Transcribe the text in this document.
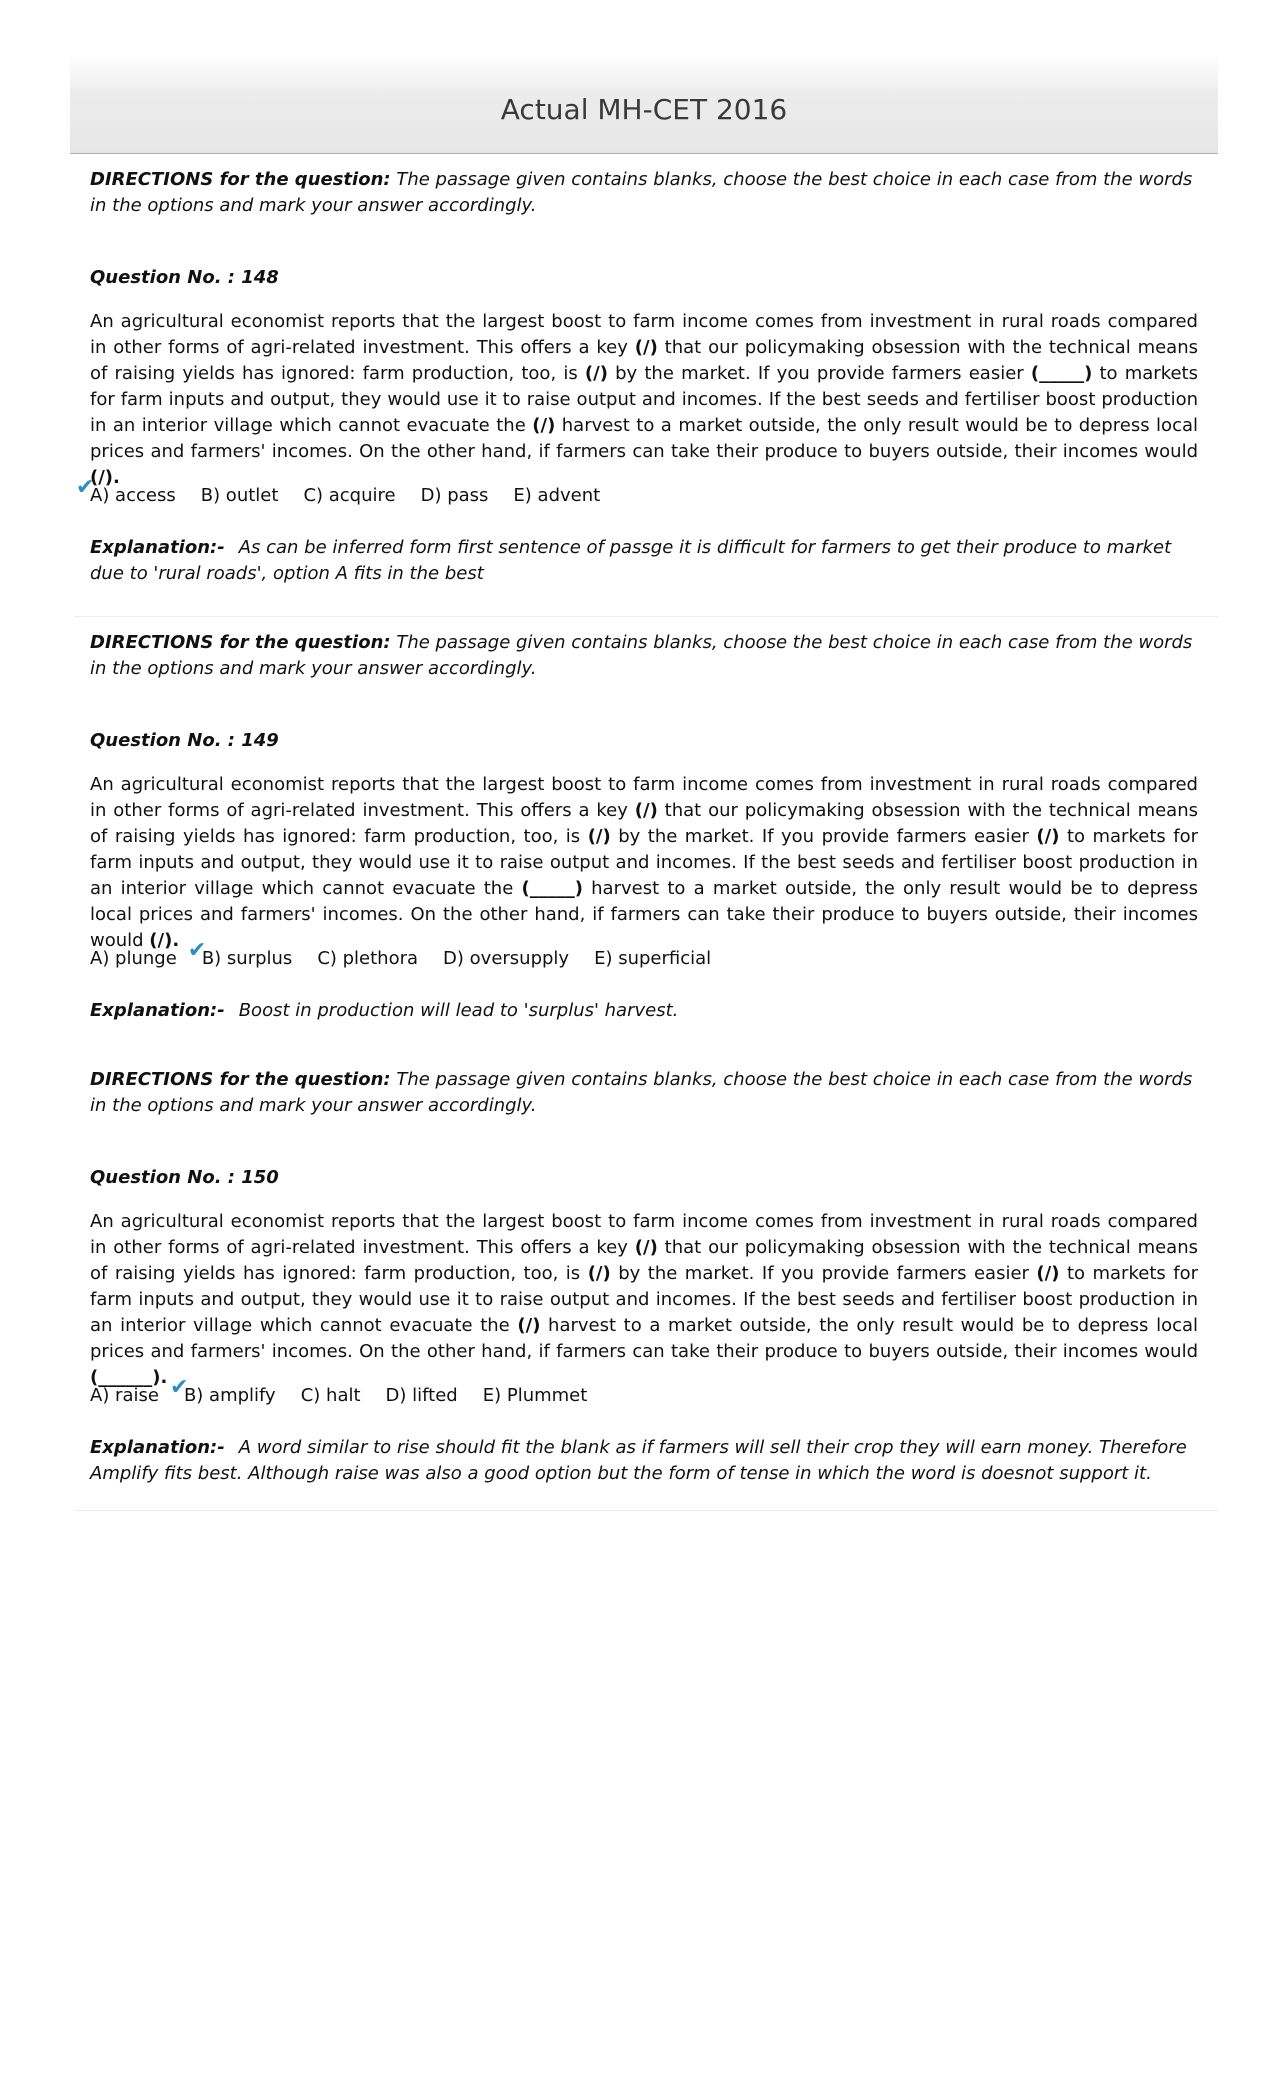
Actual MH-CET 2016
DIRECTIONS for the question: The passage given contains blanks, choose the best choice in each case from the words in the options and mark your answer accordingly.
Question No. : 148
An agricultural economist reports that the largest boost to farm income comes from investment in rural roads compared in other forms of agri-related investment. This offers a key (/) that our policymaking obsession with the technical means of raising yields has ignored: farm production, too, is (/) by the market. If you provide farmers easier (_____) to markets for farm inputs and output, they would use it to raise output and incomes. If the best seeds and fertiliser boost production in an interior village which cannot evacuate the (/) harvest to a market outside, the only result would be to depress local prices and farmers' incomes. On the other hand, if farmers can take their produce to buyers outside, their incomes would (/).
✔
A) access B) outlet C) acquire D) pass E) advent
Explanation:- As can be inferred form first sentence of passge it is difficult for farmers to get their produce to market due to 'rural roads', option A fits in the best
DIRECTIONS for the question: The passage given contains blanks, choose the best choice in each case from the words in the options and mark your answer accordingly.
Question No. : 149
An agricultural economist reports that the largest boost to farm income comes from investment in rural roads compared in other forms of agri-related investment. This offers a key (/) that our policymaking obsession with the technical means of raising yields has ignored: farm production, too, is (/) by the market. If you provide farmers easier (/) to markets for farm inputs and output, they would use it to raise output and incomes. If the best seeds and fertiliser boost production in an interior village which cannot evacuate the (_____) harvest to a market outside, the only result would be to depress local prices and farmers' incomes. On the other hand, if farmers can take their produce to buyers outside, their incomes would (/).
A) plunge ✔
B) surplus C) plethora D) oversupply E) superficial
Explanation:- Boost in production will lead to 'surplus' harvest.
DIRECTIONS for the question: The passage given contains blanks, choose the best choice in each case from the words in the options and mark your answer accordingly.
Question No. : 150
An agricultural economist reports that the largest boost to farm income comes from investment in rural roads compared in other forms of agri-related investment. This offers a key (/) that our policymaking obsession with the technical means of raising yields has ignored: farm production, too, is (/) by the market. If you provide farmers easier (/) to markets for farm inputs and output, they would use it to raise output and incomes. If the best seeds and fertiliser boost production in an interior village which cannot evacuate the (/) harvest to a market outside, the only result would be to depress local prices and farmers' incomes. On the other hand, if farmers can take their produce to buyers outside, their incomes would (______).
A) raise ✔
B) amplify C) halt D) lifted E) Plummet
Explanation:- A word similar to rise should fit the blank as if farmers will sell their crop they will earn money. Therefore Amplify fits best. Although raise was also a good option but the form of tense in which the word is doesnot support it.
